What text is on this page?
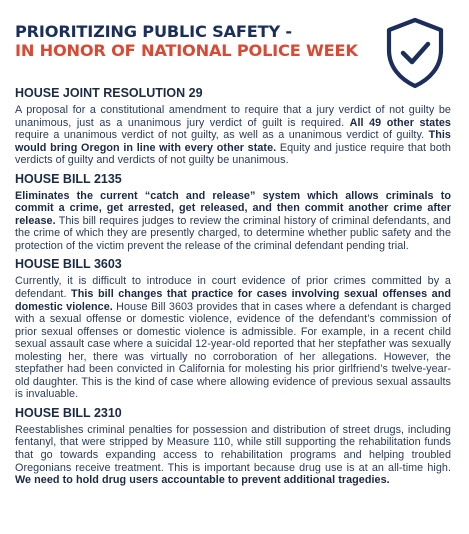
PRIORITIZING PUBLIC SAFETY -
IN HONOR OF NATIONAL POLICE WEEK
HOUSE JOINT RESOLUTION 29
A proposal for a constitutional amendment to require that a jury verdict of not guilty be unanimous, just as a unanimous jury verdict of guilt is required. All 49 other states require a unanimous verdict of not guilty, as well as a unanimous verdict of guilty. This would bring Oregon in line with every other state. Equity and justice require that both verdicts of guilty and verdicts of not guilty be unanimous.
HOUSE BILL 2135
Eliminates the current “catch and release” system which allows criminals to commit a crime, get arrested, get released, and then commit another crime after release. This bill requires judges to review the criminal history of criminal defendants, and the crime of which they are presently charged, to determine whether public safety and the protection of the victim prevent the release of the criminal defendant pending trial.
HOUSE BILL 3603
Currently, it is difficult to introduce in court evidence of prior crimes committed by a defendant. This bill changes that practice for cases involving sexual offenses and domestic violence. House Bill 3603 provides that in cases where a defendant is charged with a sexual offense or domestic violence, evidence of the defendant’s commission of prior sexual offenses or domestic violence is admissible. For example, in a recent child sexual assault case where a suicidal 12-year-old reported that her stepfather was sexually molesting her, there was virtually no corroboration of her allegations. However, the stepfather had been convicted in California for molesting his prior girlfriend’s twelve-year-old daughter. This is the kind of case where allowing evidence of previous sexual assaults is invaluable.
HOUSE BILL 2310
Reestablishes criminal penalties for possession and distribution of street drugs, including fentanyl, that were stripped by Measure 110, while still supporting the rehabilitation funds that go towards expanding access to rehabilitation programs and helping troubled Oregonians receive treatment. This is important because drug use is at an all-time high. We need to hold drug users accountable to prevent additional tragedies.
